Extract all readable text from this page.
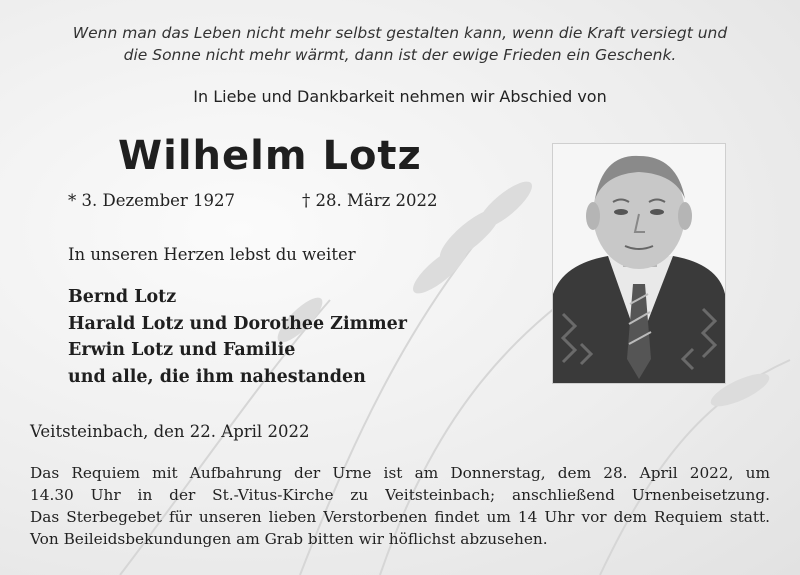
Wenn man das Leben nicht mehr selbst gestalten kann, wenn die Kraft versiegt und
die Sonne nicht mehr wärmt, dann ist der ewige Frieden ein Geschenk.
In Liebe und Dankbarkeit nehmen wir Abschied von
Wilhelm Lotz
* 3. Dezember 1927	† 28. März 2022
In unseren Herzen lebst du weiter
Bernd Lotz
Harald Lotz und Dorothee Zimmer
Erwin Lotz und Familie
und alle, die ihm nahestanden
Veitsteinbach, den 22. April 2022
Das Requiem mit Aufbahrung der Urne ist am Donnerstag, dem 28. April 2022, um
14.30 Uhr in der St.-Vitus-Kirche zu Veitsteinbach; anschließend Urnenbeisetzung.
Das Sterbegebet für unseren lieben Verstorbenen findet um 14 Uhr vor dem Requiem statt.
Von Beileidsbekundungen am Grab bitten wir höflichst abzusehen.
